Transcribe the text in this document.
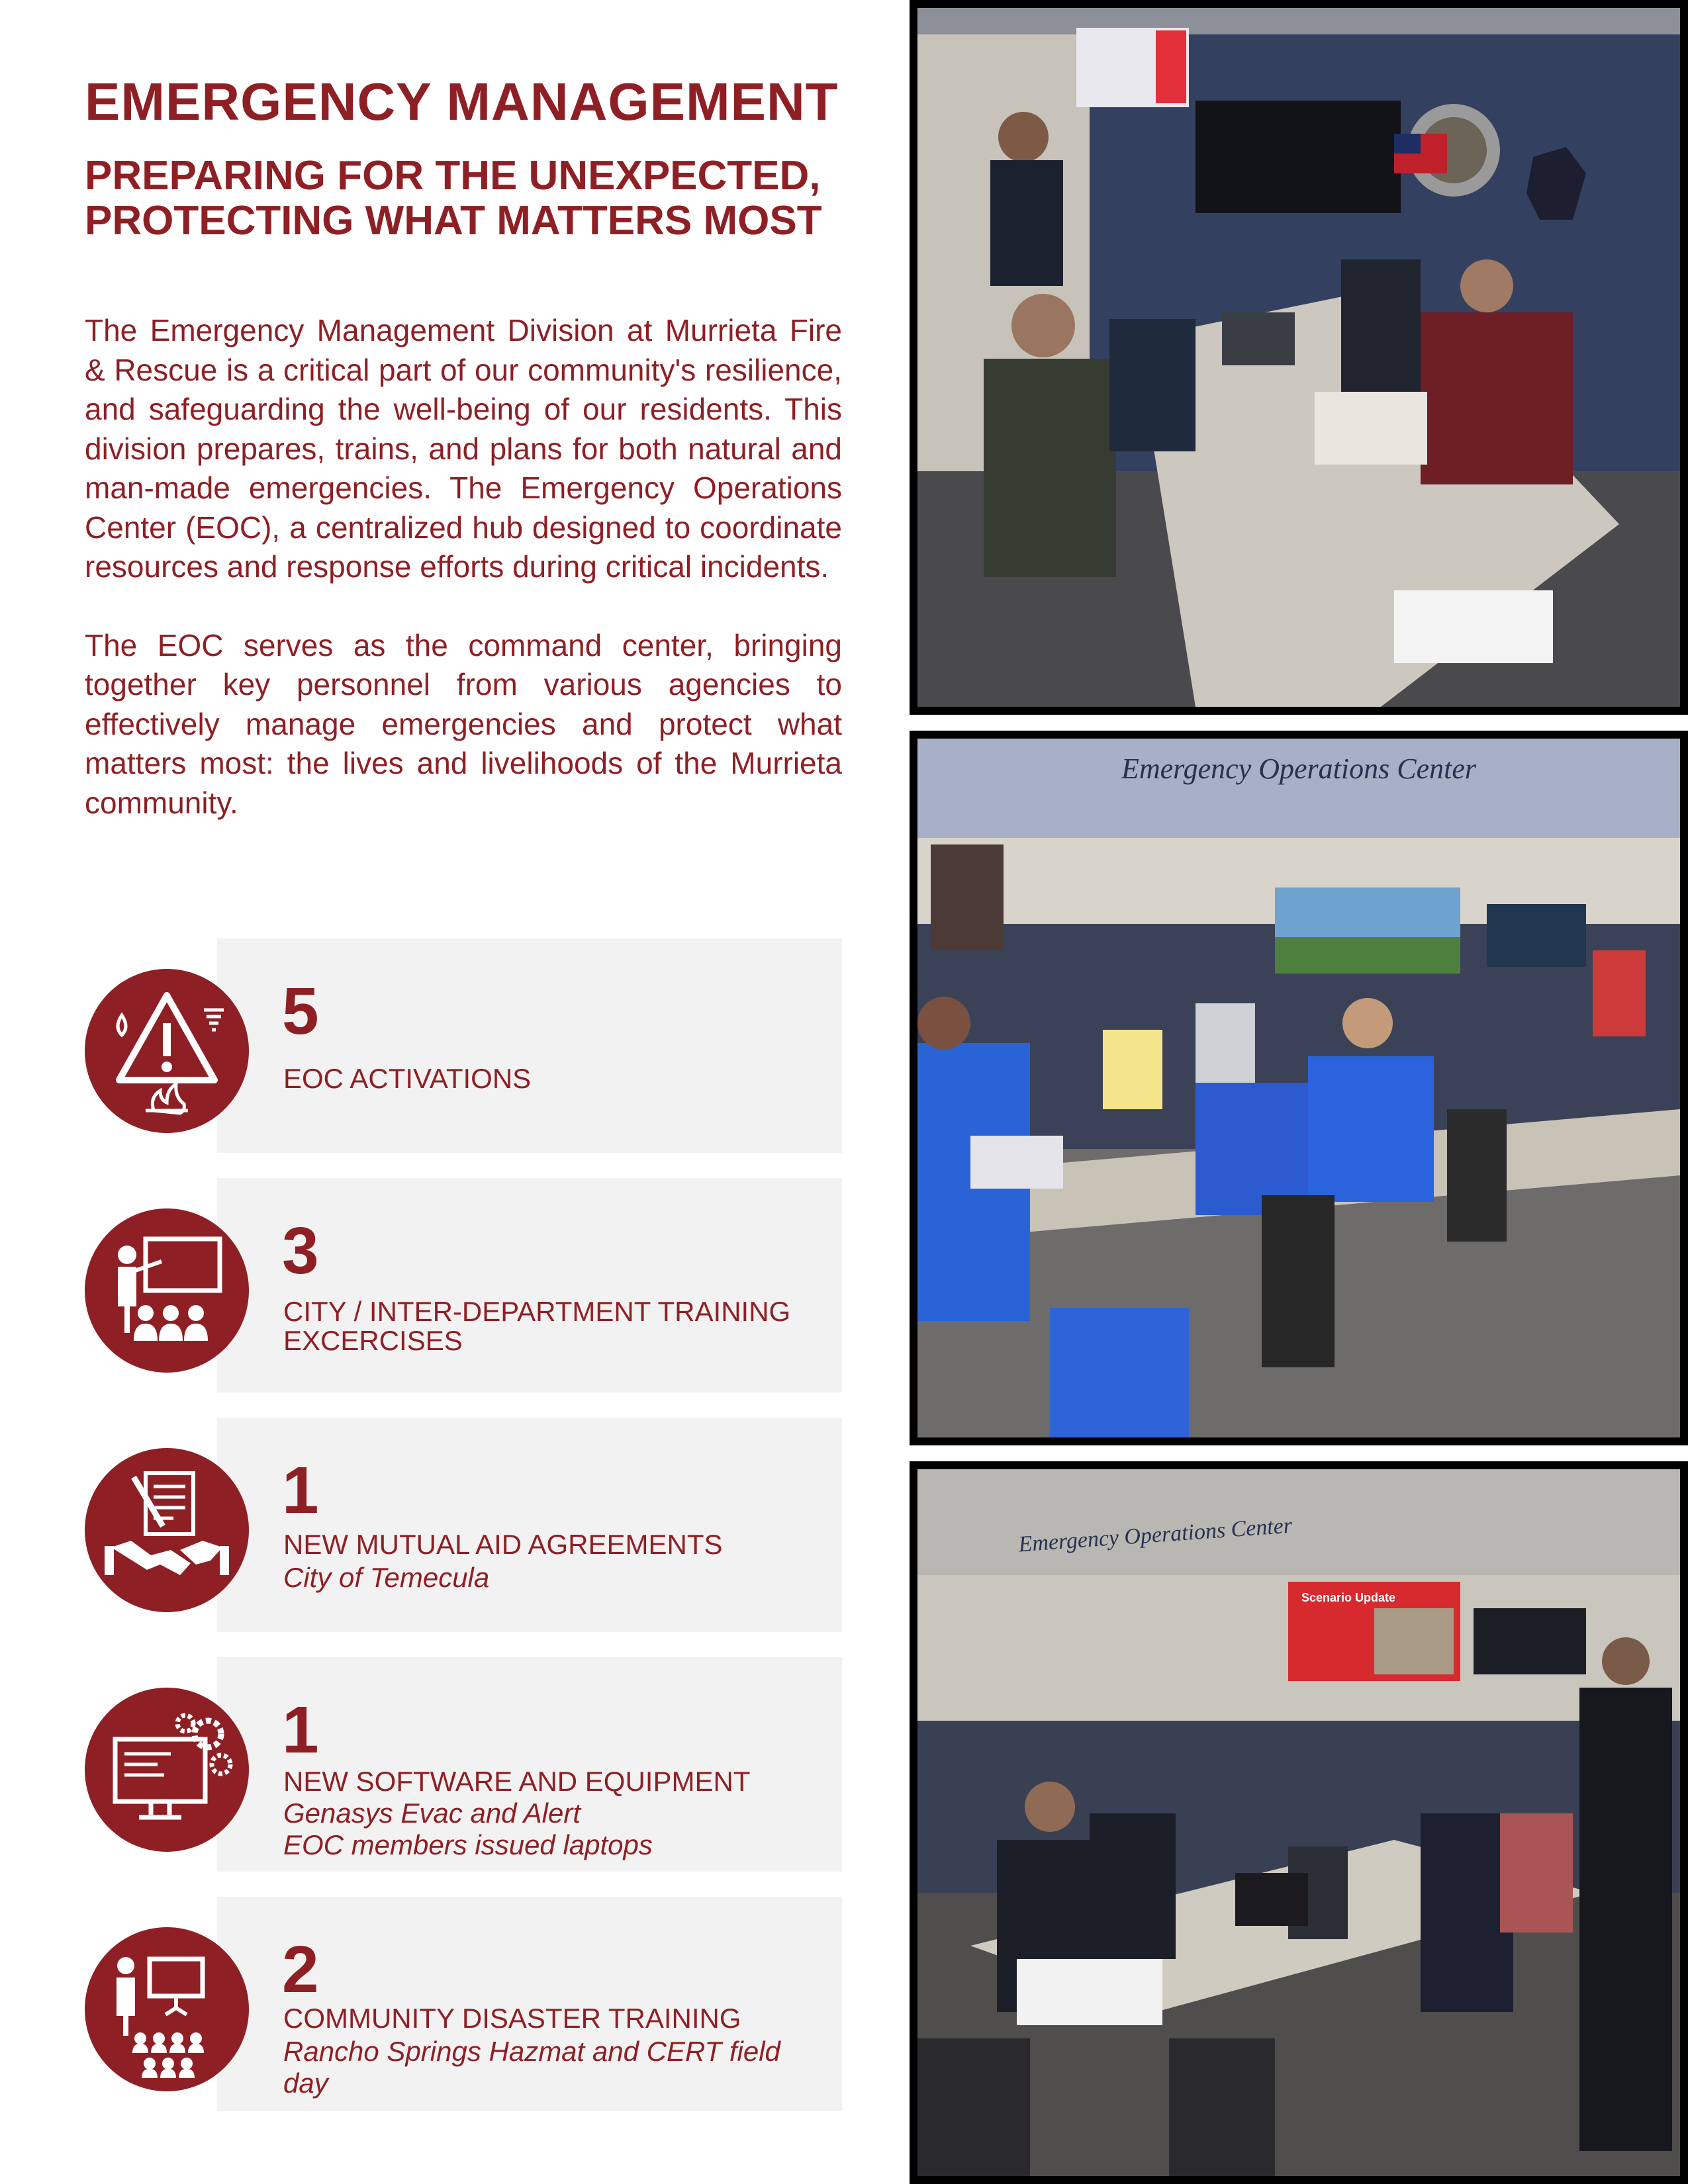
EMERGENCY MANAGEMENT
PREPARING FOR THE UNEXPECTED, PROTECTING WHAT MATTERS MOST

The Emergency Management Division at Murrieta Fire & Rescue is a critical part of our community's resilience, and safeguarding the well-being of our residents. This division prepares, trains, and plans for both natural and man-made emergencies. The Emergency Operations Center (EOC), a centralized hub designed to coordinate resources and response efforts during critical incidents.

The EOC serves as the command center, bringing together key personnel from various agencies to effectively manage emergencies and protect what matters most: the lives and livelihoods of the Murrieta community.

5
EOC ACTIVATIONS
3
CITY / INTER-DEPARTMENT TRAINING EXCERCISES
1
NEW MUTUAL AID AGREEMENTS
City of Temecula
1
NEW SOFTWARE AND EQUIPMENT
Genasys Evac and Alert
EOC members issued laptops
2
COMMUNITY DISASTER TRAINING
Rancho Springs Hazmat and CERT field day
Emergency Operations Center
Emergency Operations Center
Scenario Update
